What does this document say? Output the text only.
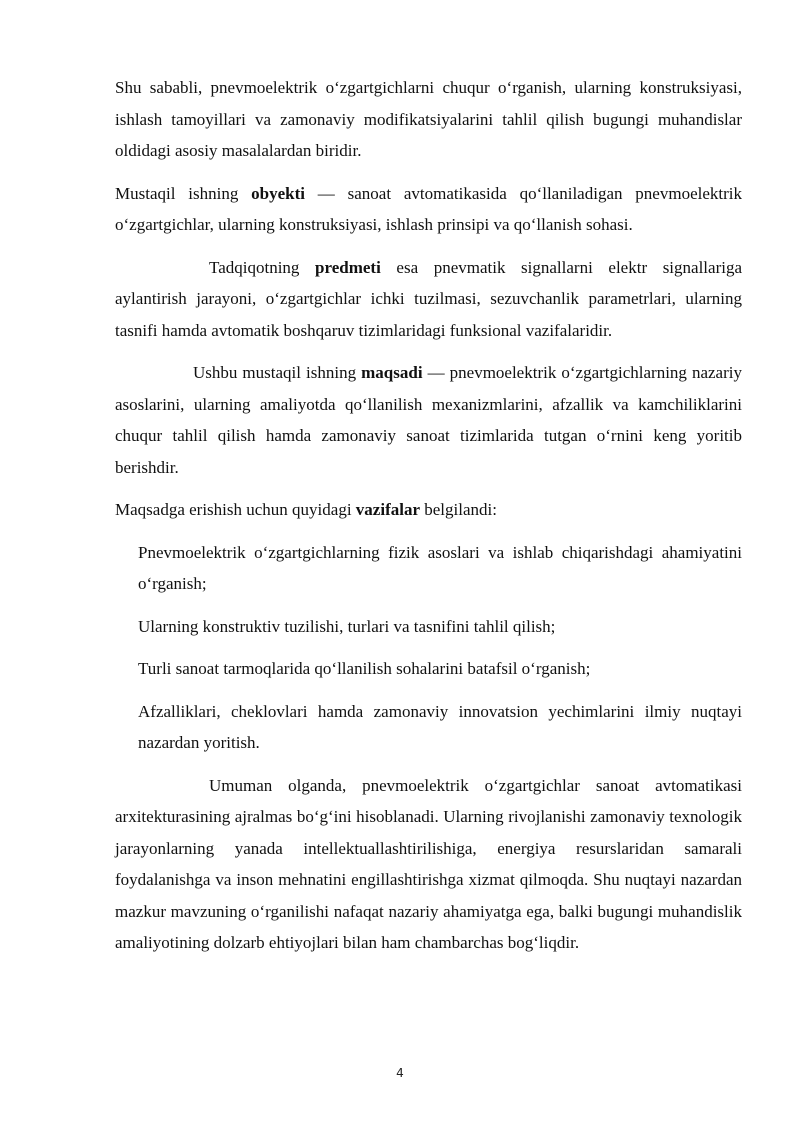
Shu sababli, pnevmoelektrik o‘zgartgichlarni chuqur o‘rganish, ularning konstruksiyasi, ishlash tamoyillari va zamonaviy modifikatsiyalarini tahlil qilish bugungi muhandislar oldidagi asosiy masalalardan biridir.

Mustaqil ishning obyekti — sanoat avtomatikasida qo‘llaniladigan pnevmoelektrik o‘zgartgichlar, ularning konstruksiyasi, ishlash prinsipi va qo‘llanish sohasi.

Tadqiqotning predmeti esa pnevmatik signallarni elektr signallariga aylantirish jarayoni, o‘zgartgichlar ichki tuzilmasi, sezuvchanlik parametrlari, ularning tasnifi hamda avtomatik boshqaruv tizimlaridagi funksional vazifalaridir.

Ushbu mustaqil ishning maqsadi — pnevmoelektrik o‘zgartgichlarning nazariy asoslarini, ularning amaliyotda qo‘llanilish mexanizmlarini, afzallik va kamchiliklarini chuqur tahlil qilish hamda zamonaviy sanoat tizimlarida tutgan o‘rnini keng yoritib berishdir.

Maqsadga erishish uchun quyidagi vazifalar belgilandi:

Pnevmoelektrik o‘zgartgichlarning fizik asoslari va ishlab chiqarishdagi ahamiyatini o‘rganish;

Ularning konstruktiv tuzilishi, turlari va tasnifini tahlil qilish;

Turli sanoat tarmoqlarida qo‘llanilish sohalarini batafsil o‘rganish;

Afzalliklari, cheklovlari hamda zamonaviy innovatsion yechimlarini ilmiy nuqtayi nazardan yoritish.

Umuman olganda, pnevmoelektrik o‘zgartgichlar sanoat avtomatikasi arxitekturasining ajralmas bo‘g‘ini hisoblanadi. Ularning rivojlanishi zamonaviy texnologik jarayonlarning yanada intellektuallashtirilishiga, energiya resurslaridan samarali foydalanishga va inson mehnatini engillashtirishga xizmat qilmoqda. Shu nuqtayi nazardan mazkur mavzuning o‘rganilishi nafaqat nazariy ahamiyatga ega, balki bugungi muhandislik amaliyotining dolzarb ehtiyojlari bilan ham chambarchas bog‘liqdir.

4
